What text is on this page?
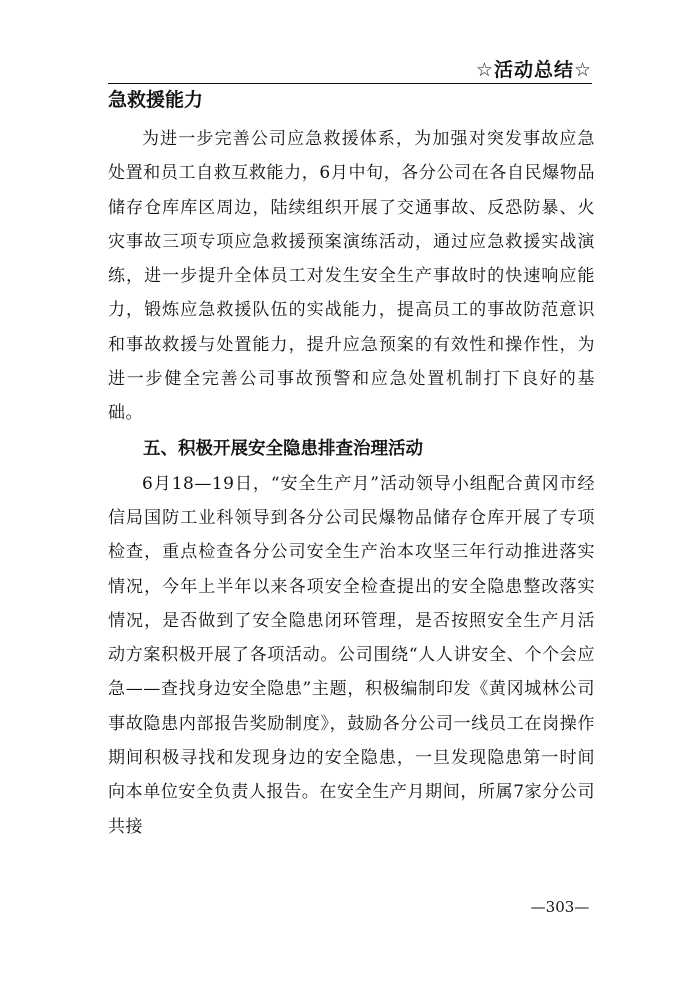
☆活动总结☆
急救援能力

为进一步完善公司应急救援体系，为加强对突发事故应急处置和员工自救互救能力，6月中旬，各分公司在各自民爆物品储存仓库库区周边，陆续组织开展了交通事故、反恐防暴、火灾事故三项专项应急救援预案演练活动，通过应急救援实战演练，进一步提升全体员工对发生安全生产事故时的快速响应能力，锻炼应急救援队伍的实战能力，提高员工的事故防范意识和事故救援与处置能力，提升应急预案的有效性和操作性，为进一步健全完善公司事故预警和应急处置机制打下良好的基础。

五、积极开展安全隐患排查治理活动

6月18—19日，“安全生产月”活动领导小组配合黄冈市经信局国防工业科领导到各分公司民爆物品储存仓库开展了专项检查，重点检查各分公司安全生产治本攻坚三年行动推进落实情况，今年上半年以来各项安全检查提出的安全隐患整改落实情况，是否做到了安全隐患闭环管理，是否按照安全生产月活动方案积极开展了各项活动。公司围绕“人人讲安全、个个会应急——查找身边安全隐患”主题，积极编制印发《黄冈城林公司事故隐患内部报告奖励制度》，鼓励各分公司一线员工在岗操作期间积极寻找和发现身边的安全隐患，一旦发现隐患第一时间向本单位安全负责人报告。在安全生产月期间，所属7家分公司共接

—303—
